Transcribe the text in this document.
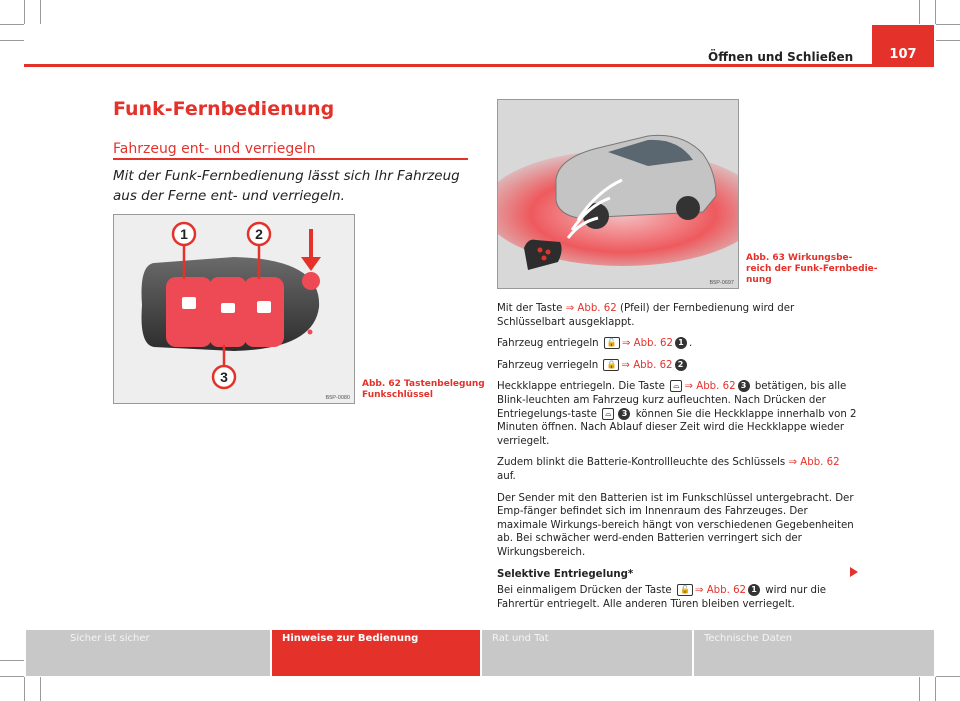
Öffnen und Schließen	107
Funk-Fernbedienung
Fahrzeug ent- und verriegeln
Mit der Funk-Fernbedienung lässt sich Ihr Fahrzeug aus der Ferne ent- und verriegeln.
1	2
3
B5P-0080
Abb. 62 Tastenbelegung
Funkschlüssel
B5P-0697
Abb. 63 Wirkungsbe-
reich der Funk-Fernbedie-
nung

Mit der Taste ⇒ Abb. 62 (Pfeil) der Fernbedienung wird der Schlüsselbart ausgeklappt.

Fahrzeug entriegeln 🔓 ⇒ Abb. 62 1 .

Fahrzeug verriegeln 🔒 ⇒ Abb. 62 2

Heckklappe entriegeln. Die Taste ⌓ ⇒ Abb. 62 3 betätigen, bis alle Blink-leuchten am Fahrzeug kurz aufleuchten. Nach Drücken der Entriegelungs-taste ⌓ 3 können Sie die Heckklappe innerhalb von 2 Minuten öffnen. Nach Ablauf dieser Zeit wird die Heckklappe wieder verriegelt.

Zudem blinkt die Batterie-Kontrollleuchte des Schlüssels ⇒ Abb. 62 auf.

Der Sender mit den Batterien ist im Funkschlüssel untergebracht. Der Emp-fänger befindet sich im Innenraum des Fahrzeuges. Der maximale Wirkungs-bereich hängt von verschiedenen Gegebenheiten ab. Bei schwächer werd-enden Batterien verringert sich der Wirkungsbereich.

Selektive Entriegelung*

Bei einmaligem Drücken der Taste 🔓 ⇒ Abb. 62 1 wird nur die Fahrertür entriegelt. Alle anderen Türen bleiben verriegelt.

Sicher ist sicher	Hinweise zur Bedienung	Rat und Tat	Technische Daten
